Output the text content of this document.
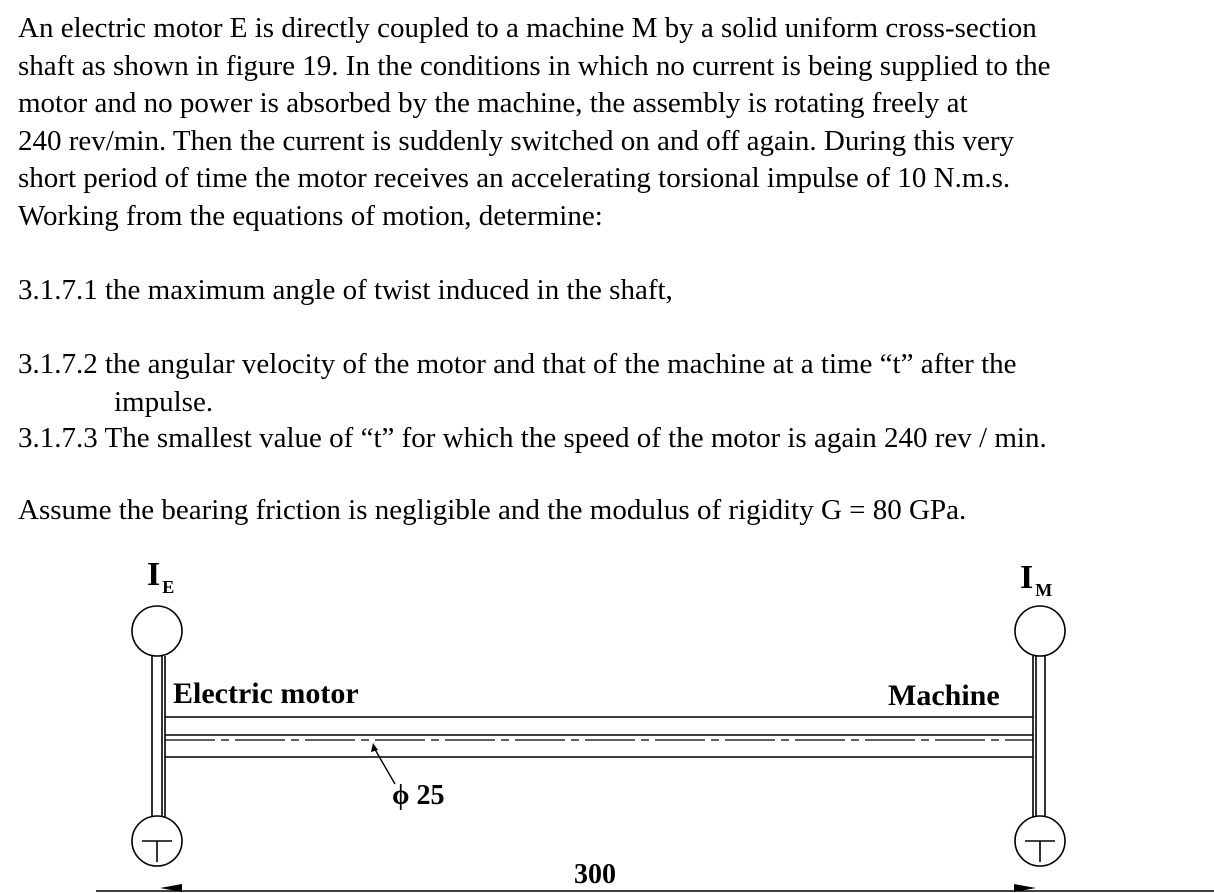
An electric motor E is directly coupled to a machine M by a solid uniform cross-section
shaft as shown in figure 19. In the conditions in which no current is being supplied to the
motor and no power is absorbed by the machine, the assembly is rotating freely at
240 rev/min. Then the current is suddenly switched on and off again. During this very
short period of time the motor receives an accelerating torsional impulse of 10 N.m.s.
Working from the equations of motion, determine:

3.1.7.1 the maximum angle of twist induced in the shaft,

3.1.7.2 the angular velocity of the motor and that of the machine at a time “t” after the
impulse.

3.1.7.3 The smallest value of “t” for which the speed of the motor is again 240 rev / min.

Assume the bearing friction is negligible and the modulus of rigidity G = 80 GPa.

I $_E$	I $_M$
Electric motor	Machine
ϕ 25
300
